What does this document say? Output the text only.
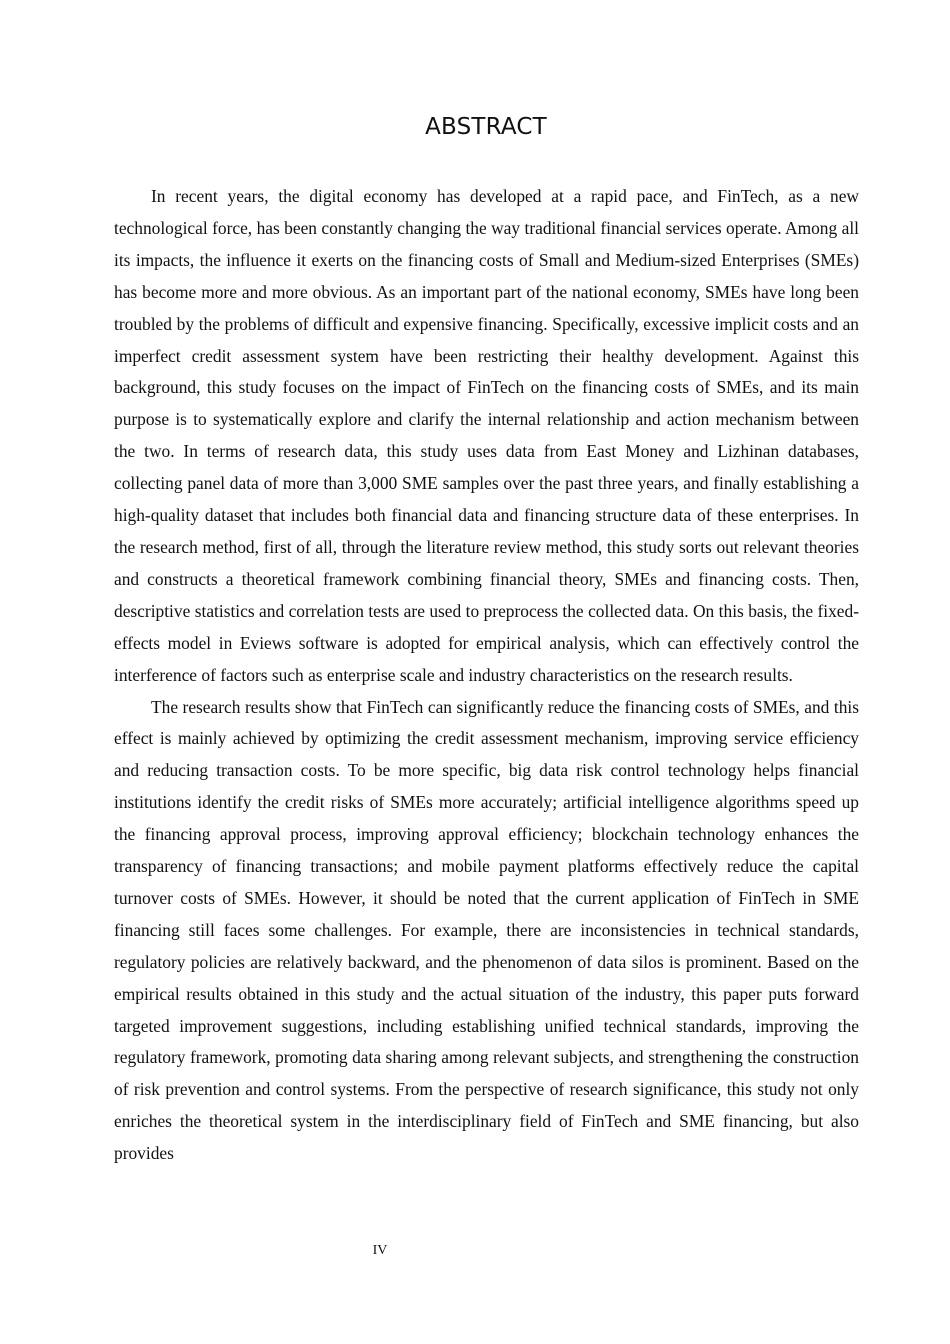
ABSTRACT

In recent years, the digital economy has developed at a rapid pace, and FinTech, as a new technological force, has been constantly changing the way traditional financial services operate. Among all its impacts, the influence it exerts on the financing costs of Small and Medium-sized Enterprises (SMEs) has become more and more obvious. As an important part of the national economy, SMEs have long been troubled by the problems of difficult and expensive financing. Specifically, excessive implicit costs and an imperfect credit assessment system have been restricting their healthy development. Against this background, this study focuses on the impact of FinTech on the financing costs of SMEs, and its main purpose is to systematically explore and clarify the internal relationship and action mechanism between the two. In terms of research data, this study uses data from East Money and Lizhinan databases, collecting panel data of more than 3,000 SME samples over the past three years, and finally establishing a high-quality dataset that includes both financial data and financing structure data of these enterprises. In the research method, first of all, through the literature review method, this study sorts out relevant theories and constructs a theoretical framework combining financial theory, SMEs and financing costs. Then, descriptive statistics and correlation tests are used to preprocess the collected data. On this basis, the fixed-effects model in Eviews software is adopted for empirical analysis, which can effectively control the interference of factors such as enterprise scale and industry characteristics on the research results.

The research results show that FinTech can significantly reduce the financing costs of SMEs, and this effect is mainly achieved by optimizing the credit assessment mechanism, improving service efficiency and reducing transaction costs. To be more specific, big data risk control technology helps financial institutions identify the credit risks of SMEs more accurately; artificial intelligence algorithms speed up the financing approval process, improving approval efficiency; blockchain technology enhances the transparency of financing transactions; and mobile payment platforms effectively reduce the capital turnover costs of SMEs. However, it should be noted that the current application of FinTech in SME financing still faces some challenges. For example, there are inconsistencies in technical standards, regulatory policies are relatively backward, and the phenomenon of data silos is prominent. Based on the empirical results obtained in this study and the actual situation of the industry, this paper puts forward targeted improvement suggestions, including establishing unified technical standards, improving the regulatory framework, promoting data sharing among relevant subjects, and strengthening the construction of risk prevention and control systems. From the perspective of research significance, this study not only enriches the theoretical system in the interdisciplinary field of FinTech and SME financing, but also provides

IV
